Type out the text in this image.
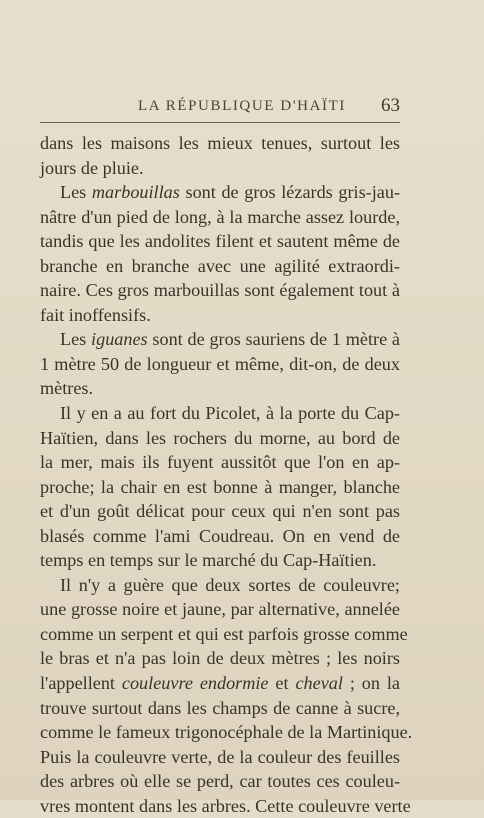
LA RÉPUBLIQUE D'HAÏTI 63
dans les maisons les mieux tenues, surtout les
jours de pluie.
Les marbouillas sont de gros lézards gris-jau-
nâtre d'un pied de long, à la marche assez lourde,
tandis que les andolites filent et sautent même de
branche en branche avec une agilité extraordi-
naire. Ces gros marbouillas sont également tout à
fait inoffensifs.
Les iguanes sont de gros sauriens de 1 mètre à
1 mètre 50 de longueur et même, dit-on, de deux
mètres.
Il y en a au fort du Picolet, à la porte du Cap-
Haïtien, dans les rochers du morne, au bord de
la mer, mais ils fuyent aussitôt que l'on en ap-
proche; la chair en est bonne à manger, blanche
et d'un goût délicat pour ceux qui n'en sont pas
blasés comme l'ami Coudreau. On en vend de
temps en temps sur le marché du Cap-Haïtien.
Il n'y a guère que deux sortes de couleuvre;
une grosse noire et jaune, par alternative, annelée
comme un serpent et qui est parfois grosse comme
le bras et n'a pas loin de deux mètres ; les noirs
l'appellent couleuvre endormie et cheval ; on la
trouve surtout dans les champs de canne à sucre,
comme le fameux trigonocéphale de la Martinique.
Puis la couleuvre verte, de la couleur des feuilles
des arbres où elle se perd, car toutes ces couleu-
vres montent dans les arbres. Cette couleuvre verte
